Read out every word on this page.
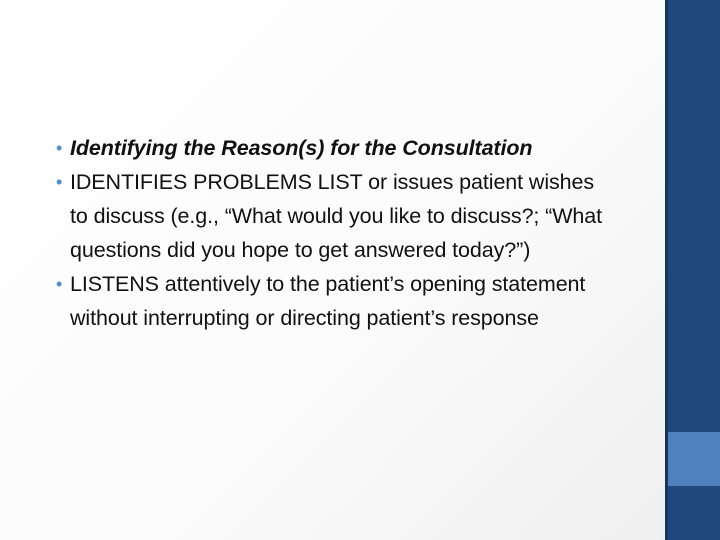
• Identifying the Reason(s) for the Consultation
• IDENTIFIES PROBLEMS LIST or issues patient wishes to discuss (e.g., “What would you like to discuss?; “What questions did you hope to get answered today?”)
• LISTENS attentively to the patient’s opening statement without interrupting or directing patient’s response
